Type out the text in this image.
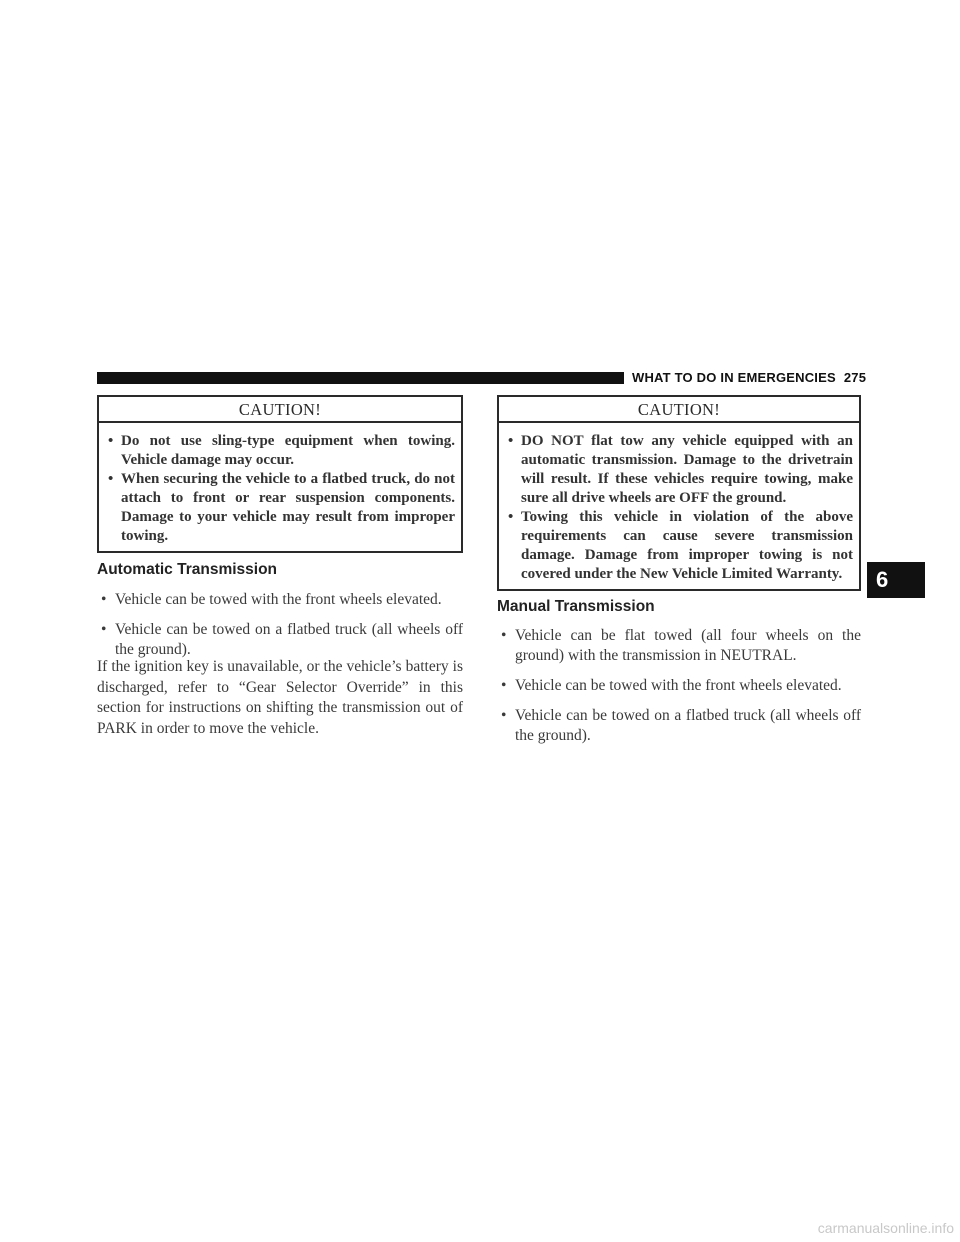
WHAT TO DO IN EMERGENCIES 275
6
CAUTION!
• Do not use sling-type equipment when towing. Vehicle damage may occur.
• When securing the vehicle to a flatbed truck, do not attach to front or rear suspension components. Damage to your vehicle may result from improper towing.
Automatic Transmission
• Vehicle can be towed with the front wheels elevated.
• Vehicle can be towed on a flatbed truck (all wheels off the ground).

If the ignition key is unavailable, or the vehicle’s battery is discharged, refer to “Gear Selector Override” in this section for instructions on shifting the transmission out of PARK in order to move the vehicle.

CAUTION!
• DO NOT flat tow any vehicle equipped with an automatic transmission. Damage to the drivetrain will result. If these vehicles require towing, make sure all drive wheels are OFF the ground.
• Towing this vehicle in violation of the above requirements can cause severe transmission damage. Damage from improper towing is not covered under the New Vehicle Limited Warranty.
Manual Transmission
• Vehicle can be flat towed (all four wheels on the ground) with the transmission in NEUTRAL.
• Vehicle can be towed with the front wheels elevated.
• Vehicle can be towed on a flatbed truck (all wheels off the ground).
carmanualsonline.info
